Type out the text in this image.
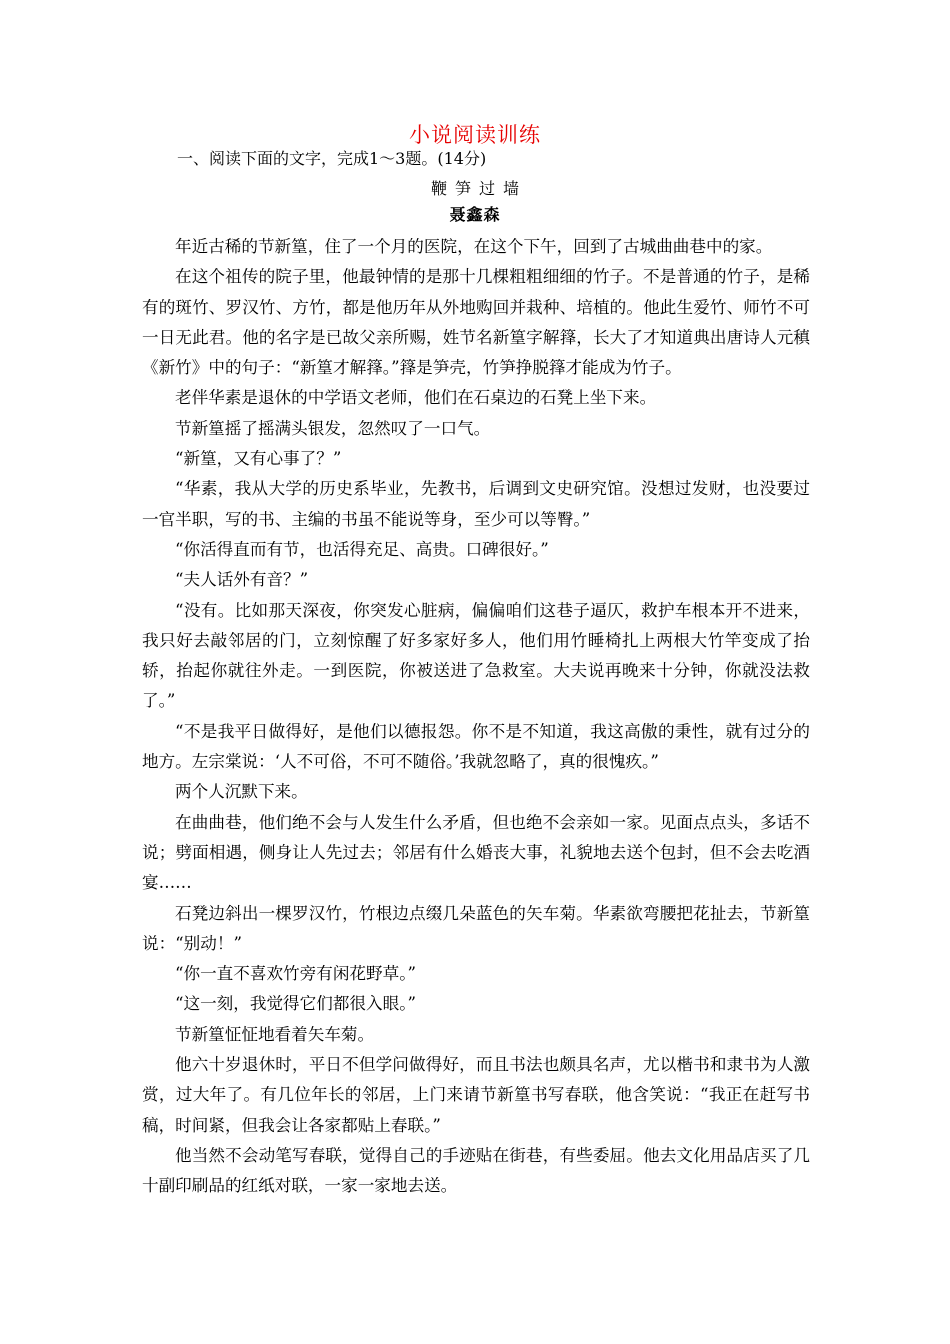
小说阅读训练
一、阅读下面的文字，完成1～3题。(14分)
鞭笋过墙
聂鑫森

年近古稀的节新篁，住了一个月的医院，在这个下午，回到了古城曲曲巷中的家。

在这个祖传的院子里，他最钟情的是那十几棵粗粗细细的竹子。不是普通的竹子，是稀有的斑竹、罗汉竹、方竹，都是他历年从外地购回并栽种、培植的。他此生爱竹、师竹不可一日无此君。他的名字是已故父亲所赐，姓节名新篁字解箨，长大了才知道典出唐诗人元稹《新竹》中的句子：“新篁才解箨。”箨是笋壳，竹笋挣脱箨才能成为竹子。

老伴华素是退休的中学语文老师，他们在石桌边的石凳上坐下来。

节新篁摇了摇满头银发，忽然叹了一口气。

“新篁，又有心事了？”

“华素，我从大学的历史系毕业，先教书，后调到文史研究馆。没想过发财，也没要过一官半职，写的书、主编的书虽不能说等身，至少可以等臀。”

“你活得直而有节，也活得充足、高贵。口碑很好。”

“夫人话外有音？”

“没有。比如那天深夜，你突发心脏病，偏偏咱们这巷子逼仄，救护车根本开不进来，我只好去敲邻居的门，立刻惊醒了好多家好多人，他们用竹睡椅扎上两根大竹竿变成了抬轿，抬起你就往外走。一到医院，你被送进了急救室。大夫说再晚来十分钟，你就没法救了。”

“不是我平日做得好，是他们以德报怨。你不是不知道，我这高傲的秉性，就有过分的地方。左宗棠说：‘人不可俗，不可不随俗。’我就忽略了，真的很愧疚。”

两个人沉默下来。

在曲曲巷，他们绝不会与人发生什么矛盾，但也绝不会亲如一家。见面点点头，多话不说；劈面相遇，侧身让人先过去；邻居有什么婚丧大事，礼貌地去送个包封，但不会去吃酒宴……

石凳边斜出一棵罗汉竹，竹根边点缀几朵蓝色的矢车菊。华素欲弯腰把花扯去，节新篁说：“别动！”

“你一直不喜欢竹旁有闲花野草。”

“这一刻，我觉得它们都很入眼。”

节新篁怔怔地看着矢车菊。

他六十岁退休时，平日不但学问做得好，而且书法也颇具名声，尤以楷书和隶书为人激赏，过大年了。有几位年长的邻居，上门来请节新篁书写春联，他含笑说：“我正在赶写书稿，时间紧，但我会让各家都贴上春联。”

他当然不会动笔写春联，觉得自己的手迹贴在街巷，有些委屈。他去文化用品店买了几十副印刷品的红纸对联，一家一家地去送。
